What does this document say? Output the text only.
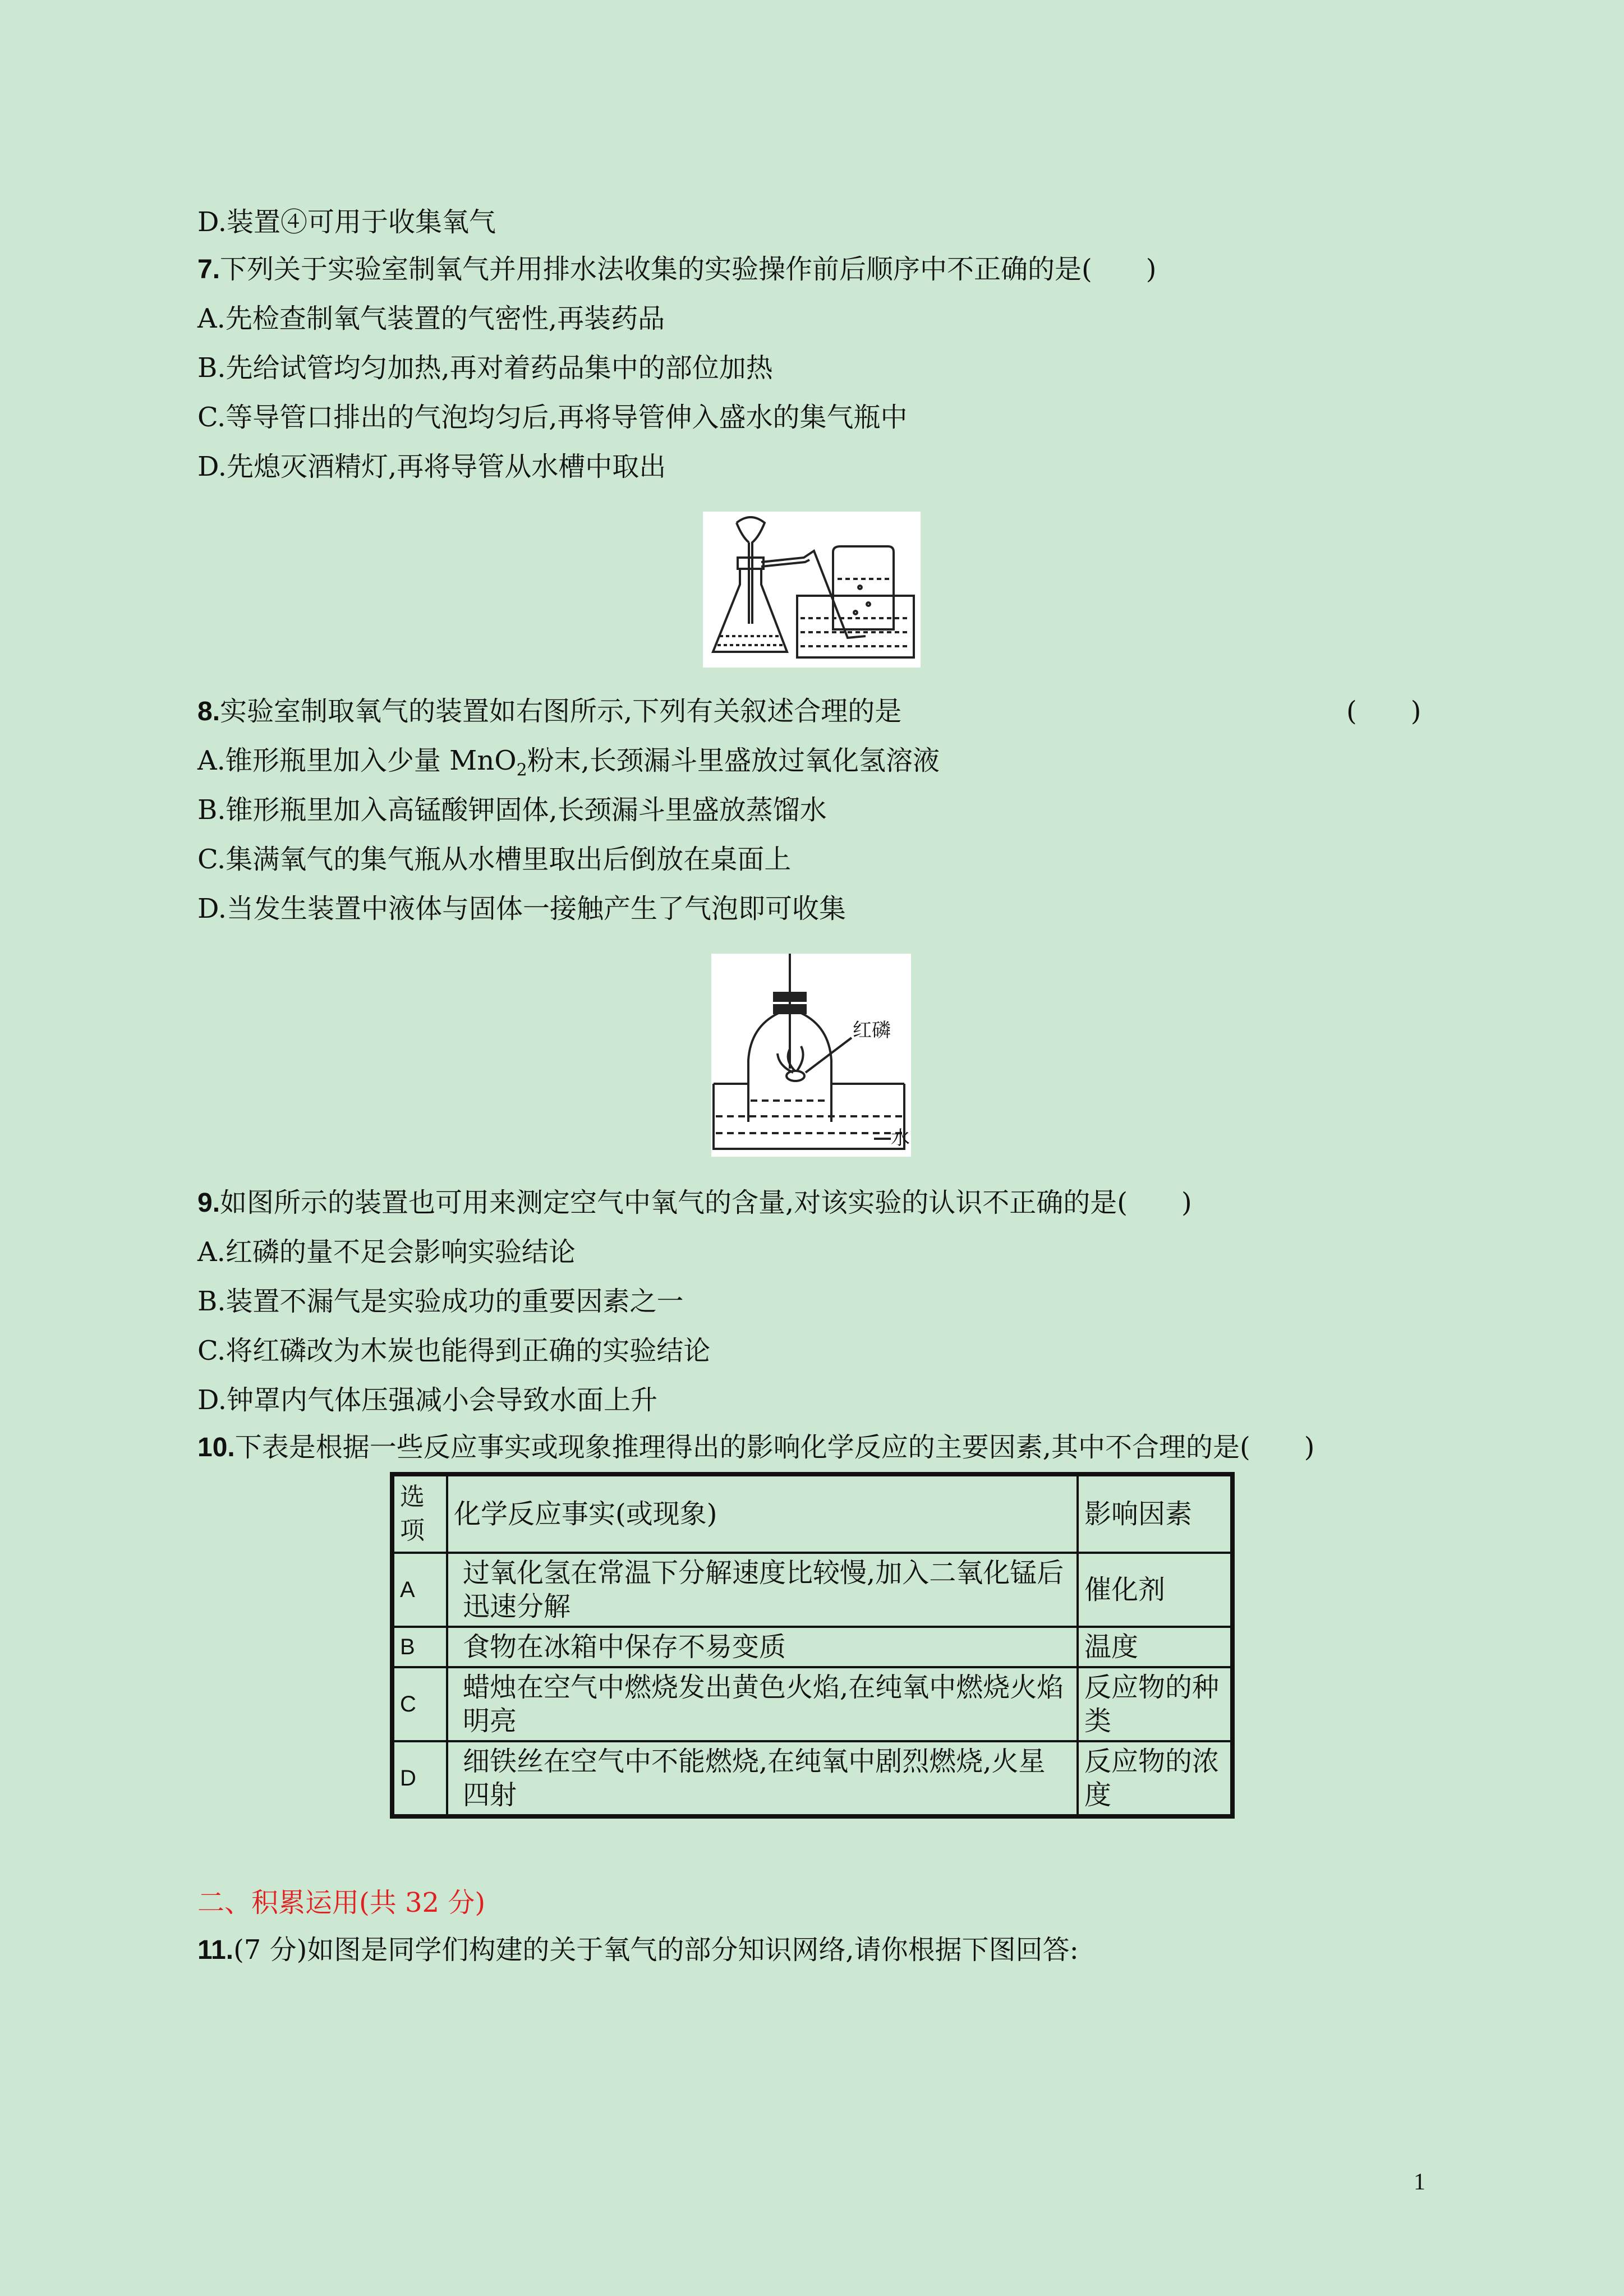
D.装置④可用于收集氧气
7.下列关于实验室制氧气并用排水法收集的实验操作前后顺序中不正确的是(　　)
A.先检查制氧气装置的气密性,再装药品
B.先给试管均匀加热,再对着药品集中的部位加热
C.等导管口排出的气泡均匀后,再将导管伸入盛水的集气瓶中
D.先熄灭酒精灯,再将导管从水槽中取出
8.实验室制取氧气的装置如右图所示,下列有关叙述合理的是	(　　)
A.锥形瓶里加入少量 MnO$_2$粉末,长颈漏斗里盛放过氧化氢溶液
B.锥形瓶里加入高锰酸钾固体,长颈漏斗里盛放蒸馏水
C.集满氧气的集气瓶从水槽里取出后倒放在桌面上
D.当发生装置中液体与固体一接触产生了气泡即可收集
红磷
水
9.如图所示的装置也可用来测定空气中氧气的含量,对该实验的认识不正确的是(　　)
A.红磷的量不足会影响实验结论
B.装置不漏气是实验成功的重要因素之一
C.将红磷改为木炭也能得到正确的实验结论
D.钟罩内气体压强减小会导致水面上升
10.下表是根据一些反应事实或现象推理得出的影响化学反应的主要因素,其中不合理的是(　　)
选项	化学反应事实(或现象)	影响因素
A	过氧化氢在常温下分解速度比较慢,加入二氧化锰后迅速分解	催化剂
B	食物在冰箱中保存不易变质	温度
C	蜡烛在空气中燃烧发出黄色火焰,在纯氧中燃烧火焰明亮	反应物的种类
D	细铁丝在空气中不能燃烧,在纯氧中剧烈燃烧,火星四射	反应物的浓度
二、积累运用(共 32 分)
11.(7 分)如图是同学们构建的关于氧气的部分知识网络,请你根据下图回答:
1
